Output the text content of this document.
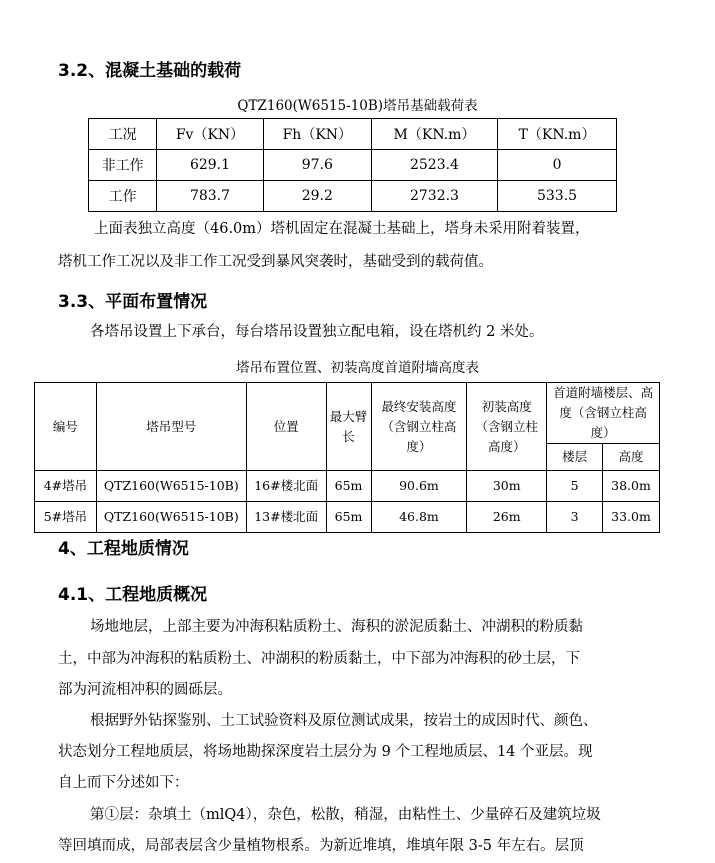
3.2、混凝土基础的载荷

QTZ160(W6515-10B)塔吊基础载荷表

工况	Fv（KN）	Fh（KN）	M（KN.m）	T（KN.m）
非工作	629.1	97.6	2523.4	0
工作	783.7	29.2	2732.3	533.5

上面表独立高度（46.0m）塔机固定在混凝土基础上，塔身未采用附着装置，

塔机工作工况以及非工作工况受到暴风突袭时，基础受到的载荷值。

3.3、平面布置情况

各塔吊设置上下承台，每台塔吊设置独立配电箱，设在塔机约 2 米处。

塔吊布置位置、初装高度首道附墙高度表

编号	塔吊型号	位置	最大臂长	最终安装高度（含钢立柱高度）	初装高度（含钢立柱高度）	首道附墙楼层、高度（含钢立柱高度）	
						楼层	高度
4#塔吊	QTZ160(W6515-10B)	16#楼北面	65m	90.6m	30m	5	38.0m
5#塔吊	QTZ160(W6515-10B)	13#楼北面	65m	46.8m	26m	3	33.0m
4、工程地质情况
4.1、工程地质概况

场地地层，上部主要为冲海积粘质粉土、海积的淤泥质黏土、冲湖积的粉质黏

土，中部为冲海积的粘质粉土、冲湖积的粉质黏土，中下部为冲海积的砂土层，下

部为河流相冲积的圆砾层。

根据野外钻探鉴别、土工试验资料及原位测试成果，按岩土的成因时代、颜色、

状态划分工程地质层，将场地勘探深度岩土层分为 9 个工程地质层、14 个亚层。现

自上而下分述如下：

第①层：杂填土（mlQ4），杂色，松散，稍湿，由粘性土、少量碎石及建筑垃圾

等回填而成，局部表层含少量植物根系。为新近堆填，堆填年限 3-5 年左右。层顶
